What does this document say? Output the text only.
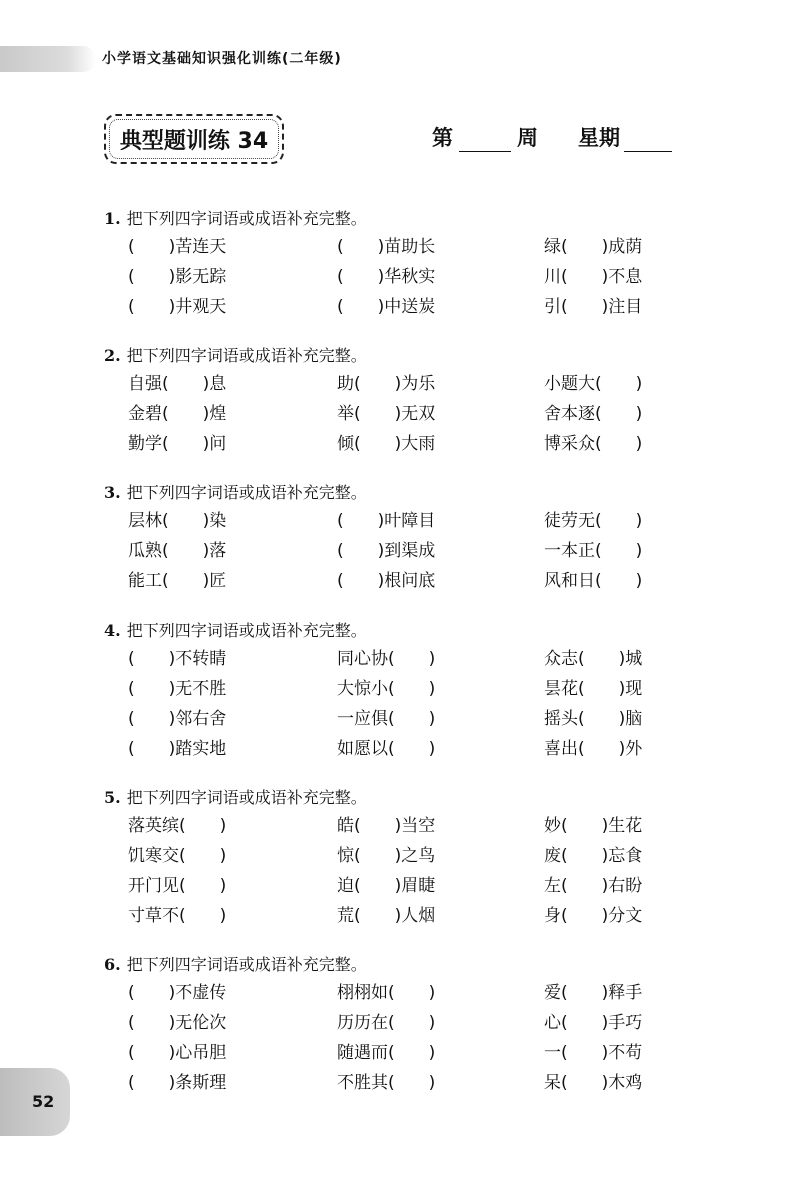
小学语文基础知识强化训练(二年级)
典型题训练 34	第	周 星期
1. 把下列四字词语或成语补充完整。
(　　)苦连天	(　　)苗助长	绿(　　)成荫
(　　)影无踪	(　　)华秋实	川(　　)不息
(　　)井观天	(　　)中送炭	引(　　)注目
2. 把下列四字词语或成语补充完整。
自强(　　)息	助(　　)为乐	小题大(　　)
金碧(　　)煌	举(　　)无双	舍本逐(　　)
勤学(　　)问	倾(　　)大雨	博采众(　　)
3. 把下列四字词语或成语补充完整。
层林(　　)染	(　　)叶障目	徒劳无(　　)
瓜熟(　　)落	(　　)到渠成	一本正(　　)
能工(　　)匠	(　　)根问底	风和日(　　)
4. 把下列四字词语或成语补充完整。
(　　)不转睛	同心协(　　)	众志(　　)城
(　　)无不胜	大惊小(　　)	昙花(　　)现
(　　)邻右舍	一应俱(　　)	摇头(　　)脑
(　　)踏实地	如愿以(　　)	喜出(　　)外
5. 把下列四字词语或成语补充完整。
落英缤(　　)	皓(　　)当空	妙(　　)生花
饥寒交(　　)	惊(　　)之鸟	废(　　)忘食
开门见(　　)	迫(　　)眉睫	左(　　)右盼
寸草不(　　)	荒(　　)人烟	身(　　)分文
6. 把下列四字词语或成语补充完整。
(　　)不虚传	栩栩如(　　)	爱(　　)释手
(　　)无伦次	历历在(　　)	心(　　)手巧
(　　)心吊胆	随遇而(　　)	一(　　)不苟
(　　)条斯理	不胜其(　　)	呆(　　)木鸡
52
